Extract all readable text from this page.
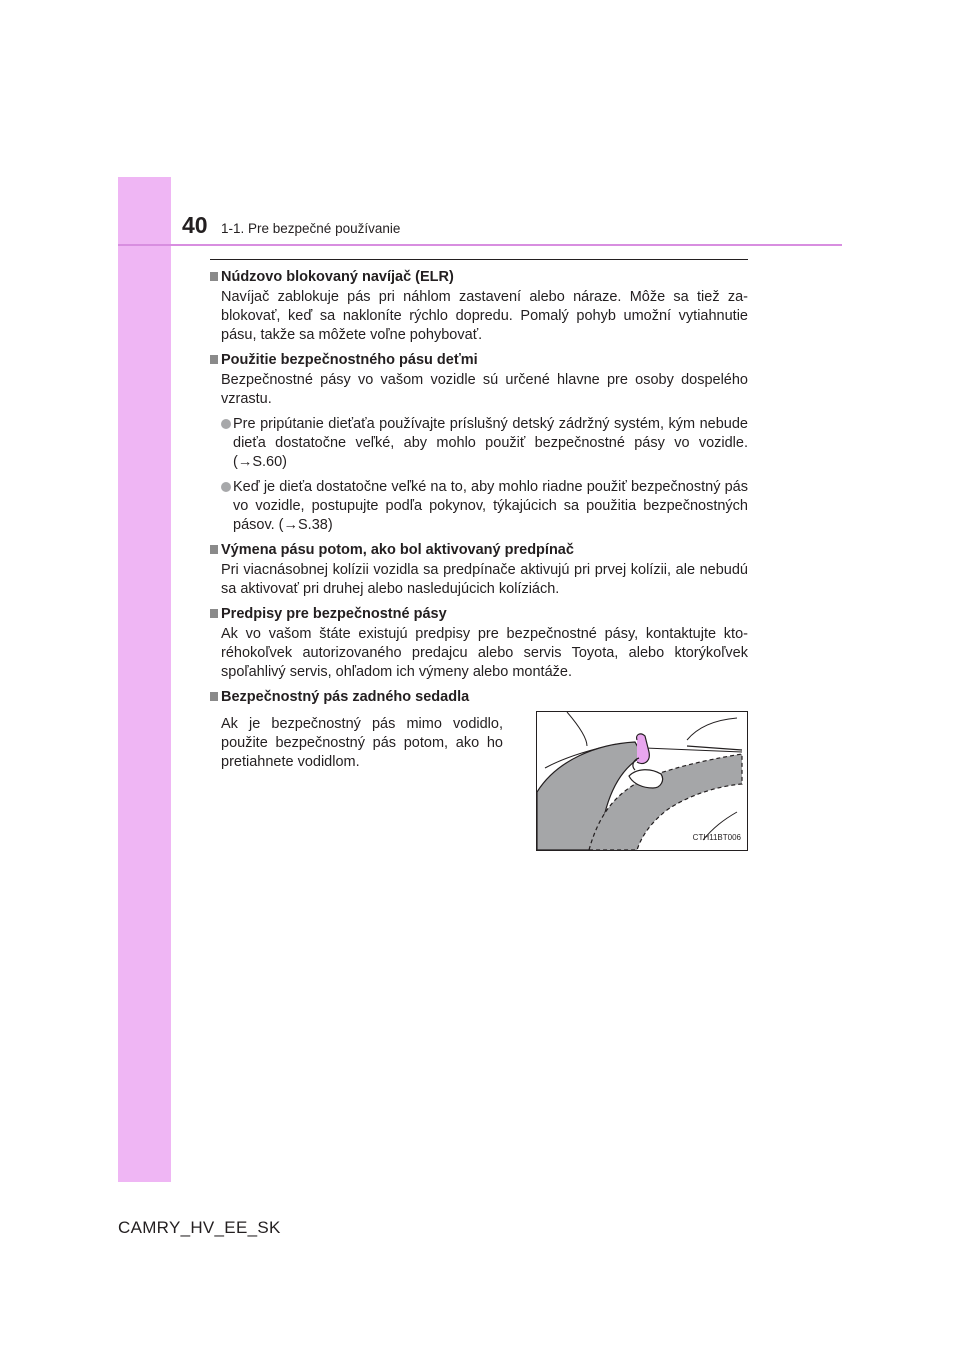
40 1-1. Pre bezpečné používanie
Núdzovo blokovaný navíjač (ELR)
Navíjač zablokuje pás pri náhlom zastavení alebo náraze. Môže sa tiež zablokovať, keď sa nakloníte rýchlo dopredu. Pomalý pohyb umožní vytiahnutie pásu, takže sa môžete voľne pohybovať.
Použitie bezpečnostného pásu deťmi
Bezpečnostné pásy vo vašom vozidle sú určené hlavne pre osoby dospelého vzrastu.
Pre pripútanie dieťaťa používajte príslušný detský zádržný systém, kým nebude dieťa dostatočne veľké, aby mohlo použiť bezpečnostné pásy vo vozidle. (→S.60)
Keď je dieťa dostatočne veľké na to, aby mohlo riadne použiť bezpečnostný pás vo vozidle, postupujte podľa pokynov, týkajúcich sa použitia bezpečnostných pásov. (→S.38)
Výmena pásu potom, ako bol aktivovaný predpínač
Pri viacnásobnej kolízii vozidla sa predpínače aktivujú pri prvej kolízii, ale nebudú sa aktivovať pri druhej alebo nasledujúcich kolíziách.
Predpisy pre bezpečnostné pásy
Ak vo vašom štáte existujú predpisy pre bezpečnostné pásy, kontaktujte ktoréhokoľvek autorizovaného predajcu alebo servis Toyota, alebo ktorýkoľvek spoľahlivý servis, ohľadom ich výmeny alebo montáže.
Bezpečnostný pás zadného sedadla
Ak je bezpečnostný pás mimo vodidlo, použite bezpečnostný pás potom, ako ho pretiahnete vodidlom.
CTH11BT006
CAMRY_HV_EE_SK
